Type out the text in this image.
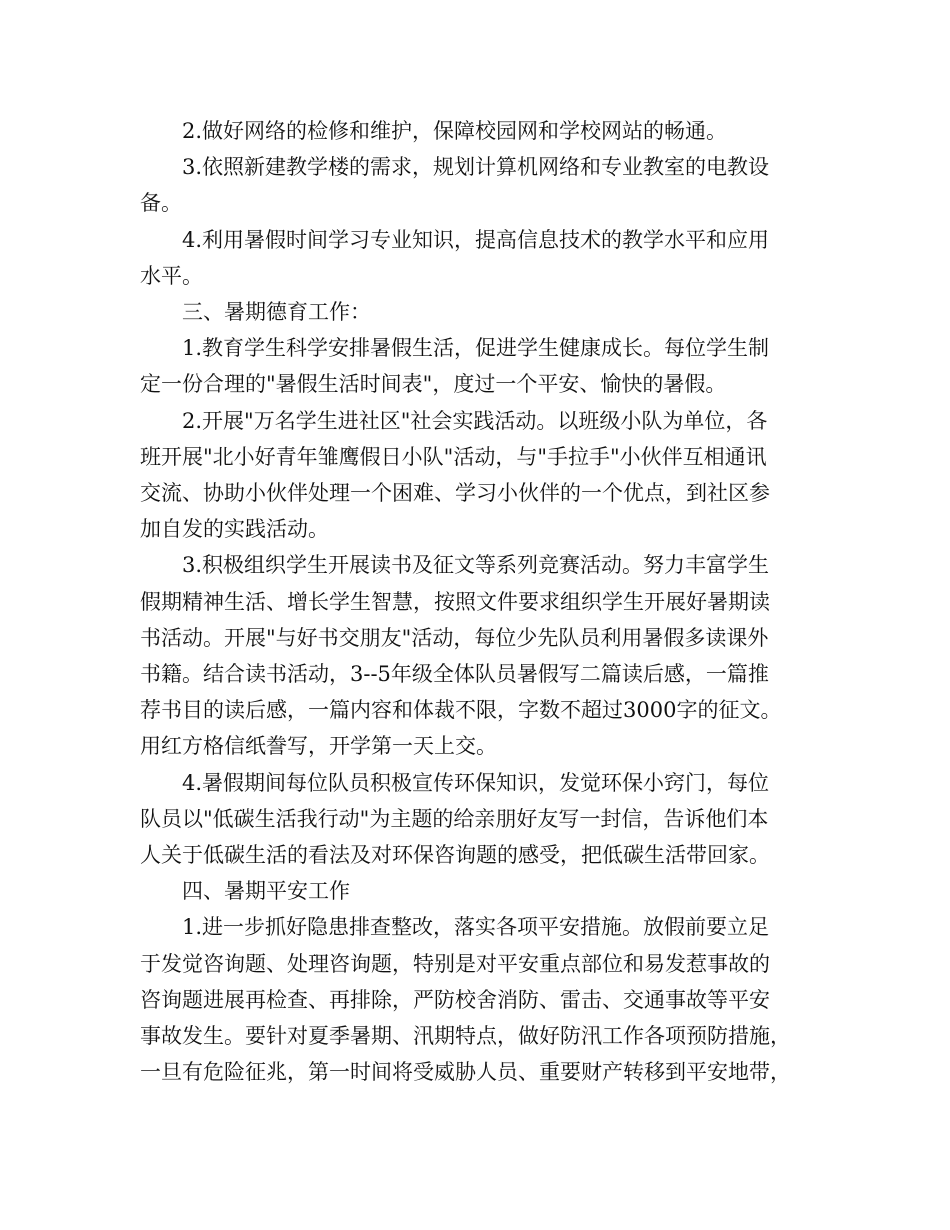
2.做好网络的检修和维护，保障校园网和学校网站的畅通。
3.依照新建教学楼的需求，规划计算机网络和专业教室的电教设
备。
4.利用暑假时间学习专业知识，提高信息技术的教学水平和应用
水平。
三、暑期德育工作：
1.教育学生科学安排暑假生活，促进学生健康成长。每位学生制
定一份合理的"暑假生活时间表"，度过一个平安、愉快的暑假。
2.开展"万名学生进社区"社会实践活动。以班级小队为单位，各
班开展"北小好青年雏鹰假日小队"活动，与"手拉手"小伙伴互相通讯
交流、协助小伙伴处理一个困难、学习小伙伴的一个优点，到社区参
加自发的实践活动。
3.积极组织学生开展读书及征文等系列竞赛活动。努力丰富学生
假期精神生活、增长学生智慧，按照文件要求组织学生开展好暑期读
书活动。开展"与好书交朋友"活动，每位少先队员利用暑假多读课外
书籍。结合读书活动，3--5年级全体队员暑假写二篇读后感，一篇推
荐书目的读后感，一篇内容和体裁不限，字数不超过3000字的征文。
用红方格信纸誊写，开学第一天上交。
4.暑假期间每位队员积极宣传环保知识，发觉环保小窍门，每位
队员以"低碳生活我行动"为主题的给亲朋好友写一封信，告诉他们本
人关于低碳生活的看法及对环保咨询题的感受，把低碳生活带回家。
四、暑期平安工作
1.进一步抓好隐患排查整改，落实各项平安措施。放假前要立足
于发觉咨询题、处理咨询题，特别是对平安重点部位和易发惹事故的
咨询题进展再检查、再排除，严防校舍消防、雷击、交通事故等平安
事故发生。要针对夏季暑期、汛期特点，做好防汛工作各项预防措施，
一旦有危险征兆，第一时间将受威胁人员、重要财产转移到平安地带，
